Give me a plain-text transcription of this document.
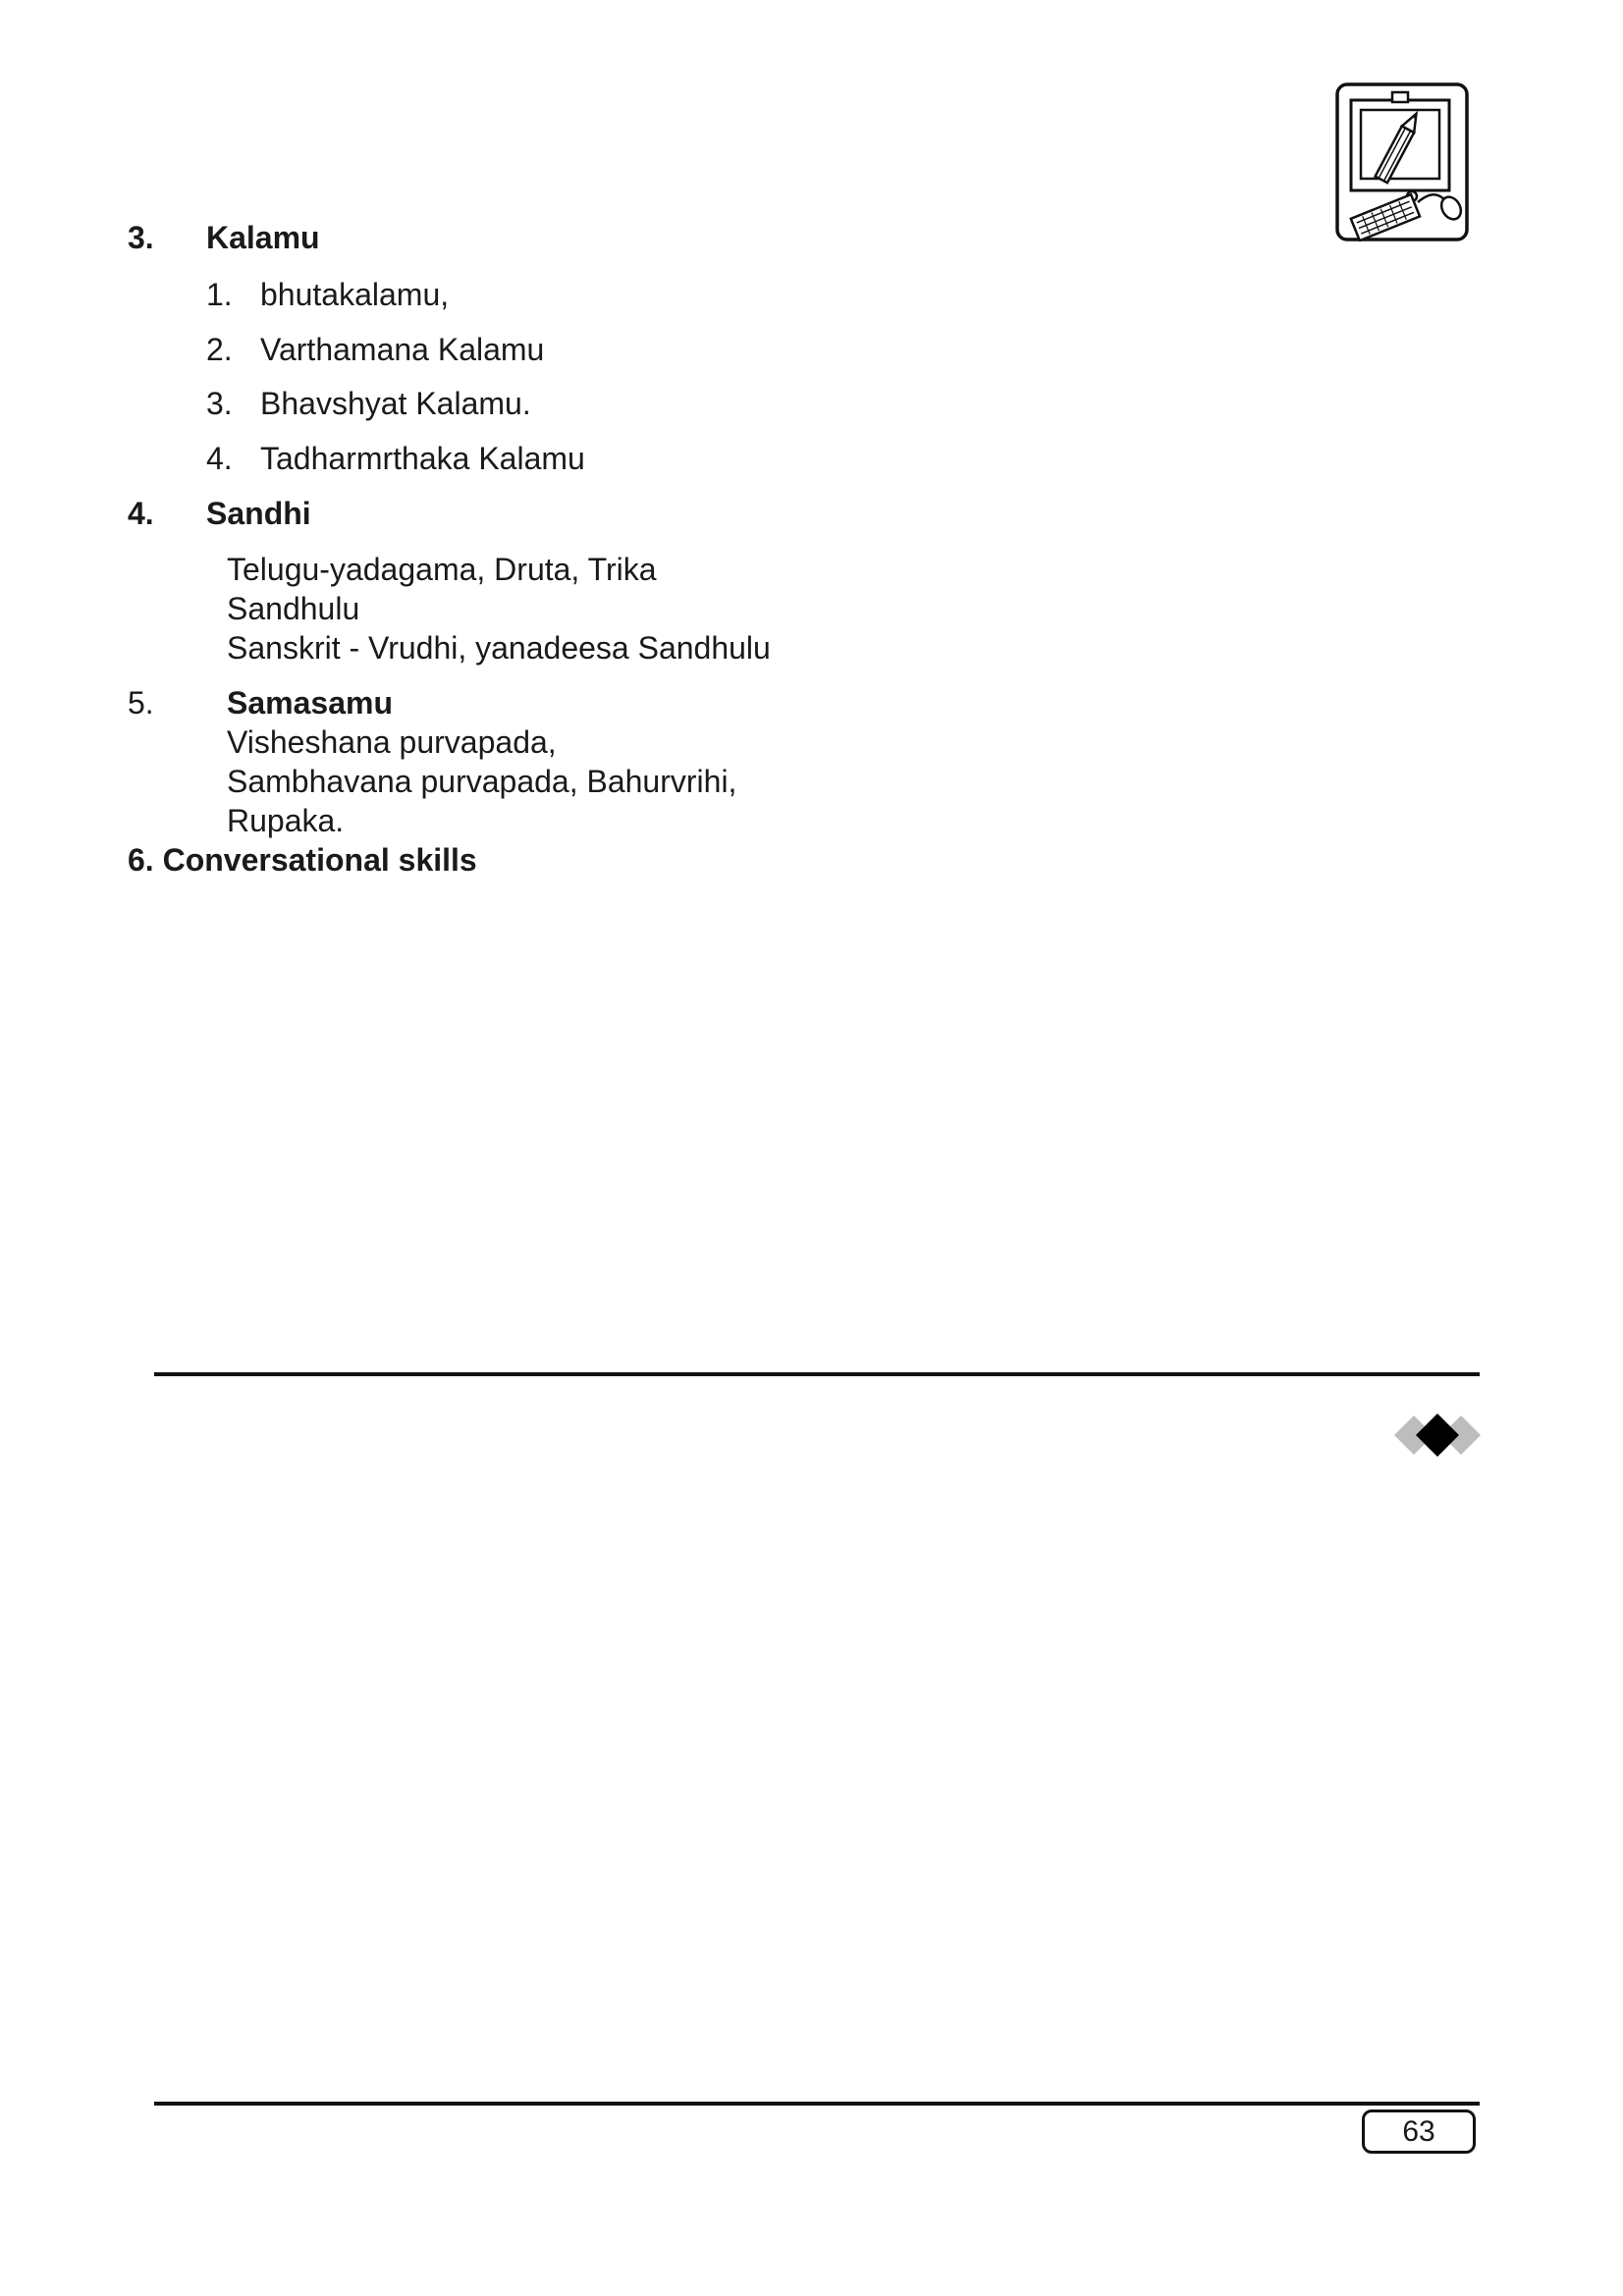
3. Kalamu
1. bhutakalamu,
2. Varthamana Kalamu
3. Bhavshyat Kalamu.
4. Tadharmrthaka Kalamu
4. Sandhi
Telugu-yadagama, Druta, Trika
Sandhulu
Sanskrit - Vrudhi, yanadeesa Sandhulu
5. Samasamu
Visheshana purvapada,
Sambhavana purvapada, Bahurvrihi,
Rupaka.
6. Conversational skills
63
